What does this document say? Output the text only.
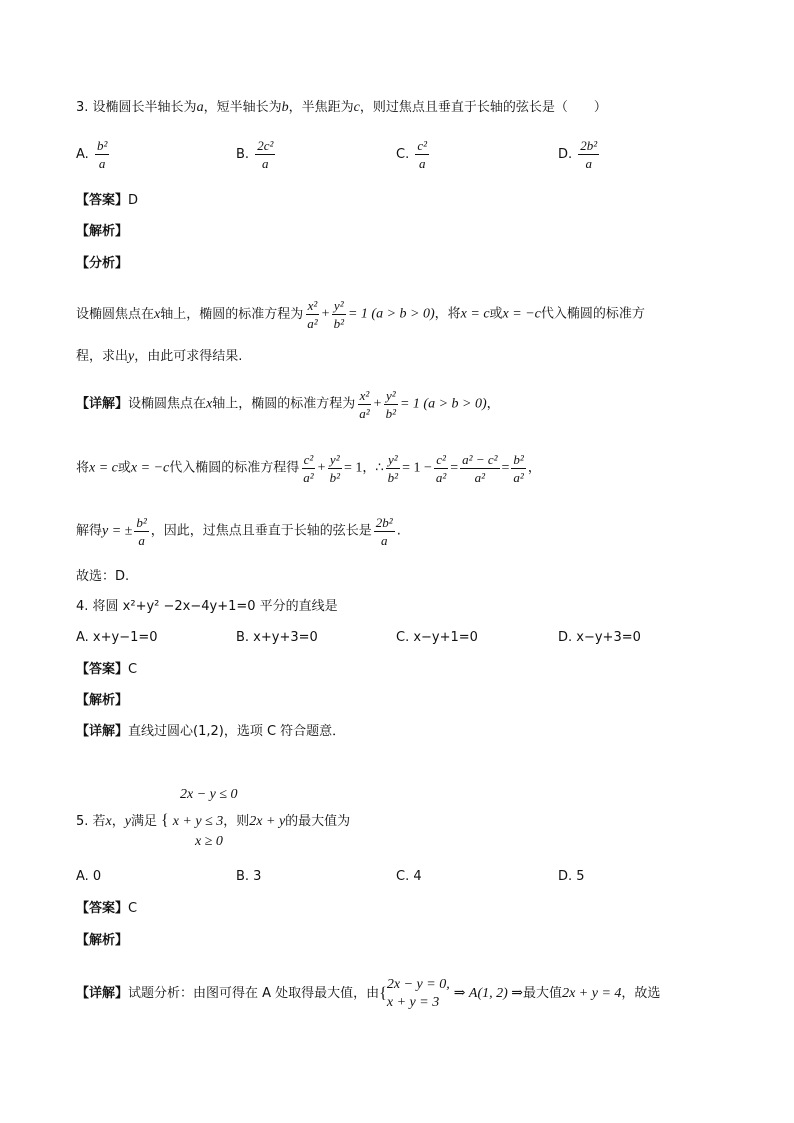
3. 设椭圆长半轴长为a，短半轴长为b，半焦距为c，则过焦点且垂直于长轴的弦长是（　　）
A. $\frac{\text{b²}}{a}$	B. $\frac{\text{2c²}}{a}$	C. $\frac{\text{c²}}{a}$	D. $\frac{\text{2b²}}{a}$
【答案】D
【解析】
【分析】
设椭圆焦点在x轴上，椭圆的标准方程为 $\frac{\text{x²}}{\text{a²}} + \frac{\text{y²}}{\text{b²}} = 1$ (a > b > 0)，将x = c或x = −c代入椭圆的标准方
程，求出y，由此可求得结果.
【详解】设椭圆焦点在x轴上，椭圆的标准方程为 $\frac{\text{x²}}{\text{a²}} + \frac{\text{y²}}{\text{b²}} = 1$ (a > b > 0)，
将x = c或x = −c代入椭圆的标准方程得 $\frac{\text{c²}}{\text{a²}} + \frac{\text{y²}}{\text{b²}} = 1$，∴ $\frac{\text{y²}}{\text{b²}} = 1 - \frac{\text{c²}}{\text{a²}} = \frac{\text{a² − c²}}{\text{a²}} = \frac{\text{b²}}{\text{a²}}$ ，
解得y = ± $\frac{\text{b²}}{a}$ ，因此，过焦点且垂直于长轴的弦长是 $\frac{\text{2b²}}{a}$ .
故选：D.
4. 将圆 x²+y² −2x−4y+1=0 平分的直线是
A. x+y−1=0	B. x+y+3=0	C. x−y+1=0	D. x−y+3=0
【答案】C
【解析】
【详解】直线过圆心(1,2)，选项 C 符合题意．
2x − y ≤ 0
5. 若x，y满足 { x + y ≤ 3，则2x + y的最大值为
x ≥ 0
A. 0	B. 3	C. 4	D. 5
【答案】C
【解析】
【详解】试题分析：由图可得在 A 处取得最大值，由{
2x − y = 0,
x + y = 3
⇒ A(1, 2) ⇒最大值2x + y = 4，故选
